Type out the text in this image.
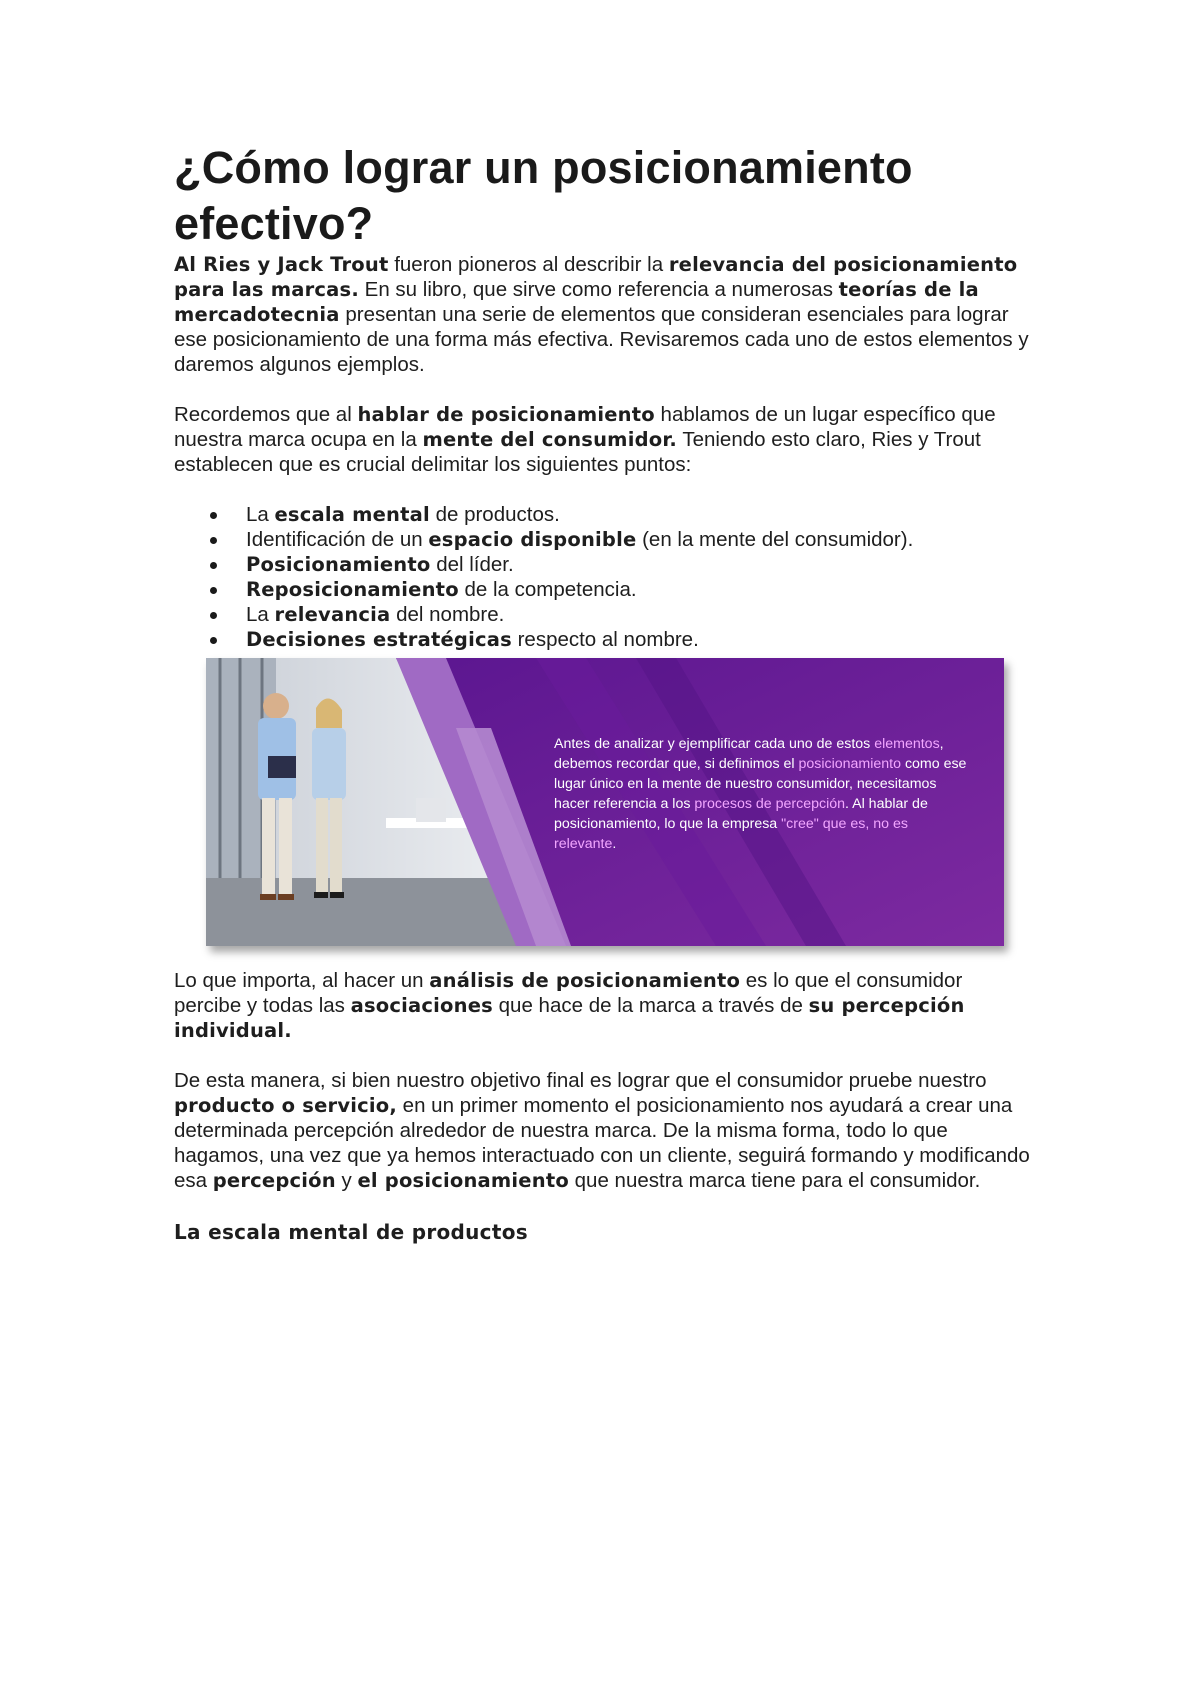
¿Cómo lograr un posicionamiento efectivo?

Al Ries y Jack Trout fueron pioneros al describir la relevancia del posicionamiento para las marcas. En su libro, que sirve como referencia a numerosas teorías de la mercadotecnia presentan una serie de elementos que consideran esenciales para lograr ese posicionamiento de una forma más efectiva. Revisaremos cada uno de estos elementos y daremos algunos ejemplos.

Recordemos que al hablar de posicionamiento hablamos de un lugar específico que nuestra marca ocupa en la mente del consumidor. Teniendo esto claro, Ries y Trout establecen que es crucial delimitar los siguientes puntos:

La escala mental de productos.
Identificación de un espacio disponible (en la mente del consumidor).
Posicionamiento del líder.
Reposicionamiento de la competencia.
La relevancia del nombre.
Decisiones estratégicas respecto al nombre.
Antes de analizar y ejemplificar cada uno de estos elementos, debemos recordar que, si definimos el posicionamiento como ese lugar único en la mente de nuestro consumidor, necesitamos hacer referencia a los procesos de percepción. Al hablar de posicionamiento, lo que la empresa "cree" que es, no es relevante.

Lo que importa, al hacer un análisis de posicionamiento es lo que el consumidor percibe y todas las asociaciones que hace de la marca a través de su percepción individual.

De esta manera, si bien nuestro objetivo final es lograr que el consumidor pruebe nuestro producto o servicio, en un primer momento el posicionamiento nos ayudará a crear una determinada percepción alrededor de nuestra marca. De la misma forma, todo lo que hagamos, una vez que ya hemos interactuado con un cliente, seguirá formando y modificando esa percepción y el posicionamiento que nuestra marca tiene para el consumidor.

La escala mental de productos
